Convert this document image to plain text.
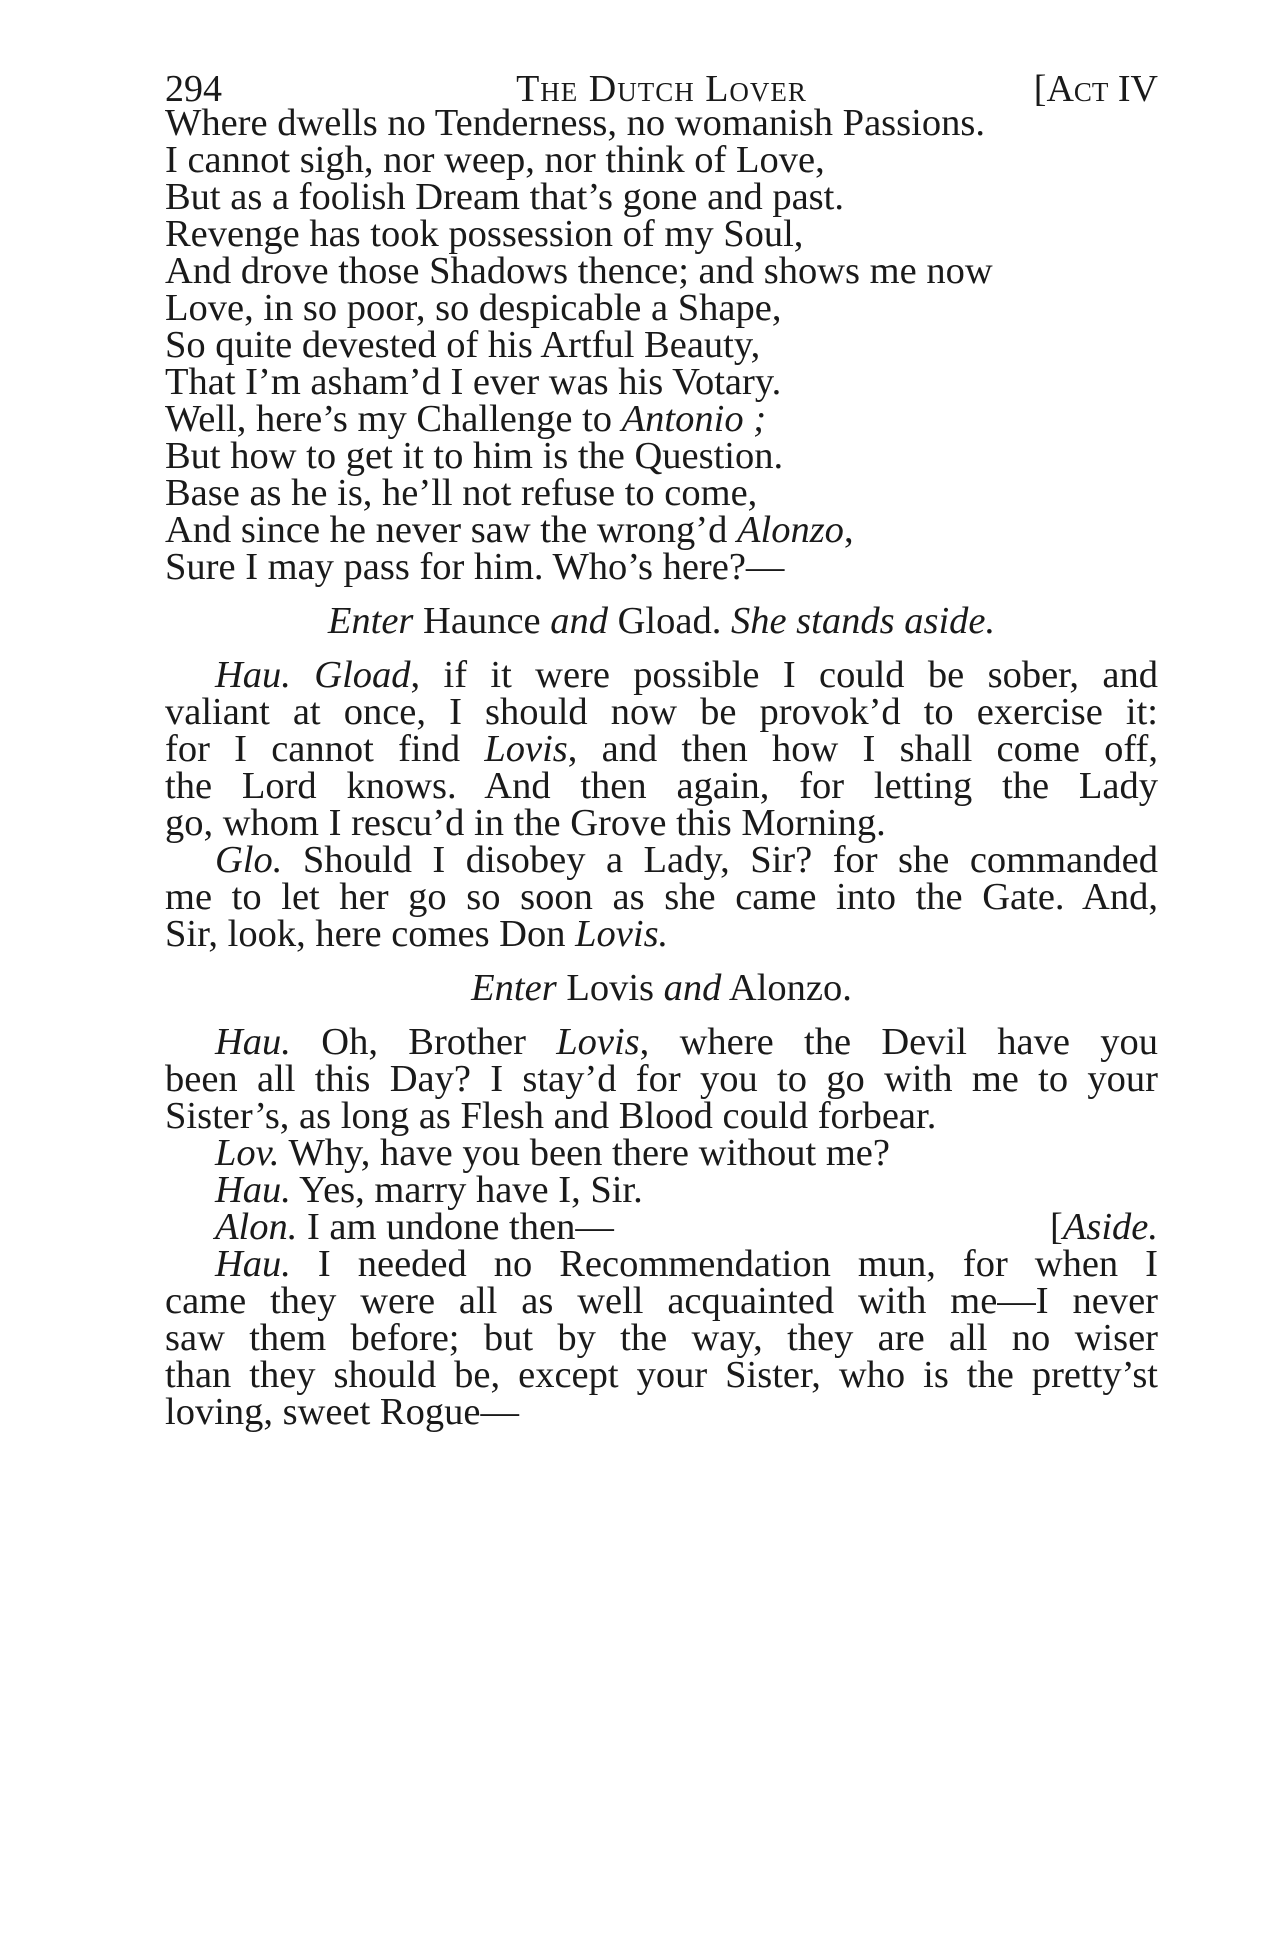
294	The Dutch Lover	[Act IV
Where dwells no Tenderness, no womanish Passions.
I cannot sigh, nor weep, nor think of Love,
But as a foolish Dream that’s gone and past.
Revenge has took possession of my Soul,
And drove those Shadows thence; and shows me now
Love, in so poor, so despicable a Shape,
So quite devested of his Artful Beauty,
That I’m asham’d I ever was his Votary.
Well, here’s my Challenge to Antonio ;
But how to get it to him is the Question.
Base as he is, he’ll not refuse to come,
And since he never saw the wrong’d Alonzo,
Sure I may pass for him. Who’s here?—
Enter Haunce and Gload. She stands aside.
Hau. Gload, if it were possible I could be sober, and
valiant at once, I should now be provok’d to exercise it:
for I cannot find Lovis, and then how I shall come off,
the Lord knows. And then again, for letting the Lady
go, whom I rescu’d in the Grove this Morning.
Glo. Should I disobey a Lady, Sir? for she commanded
me to let her go so soon as she came into the Gate. And,
Sir, look, here comes Don Lovis.
Enter Lovis and Alonzo.
Hau. Oh, Brother Lovis, where the Devil have you
been all this Day? I stay’d for you to go with me to your
Sister’s, as long as Flesh and Blood could forbear.
Lov. Why, have you been there without me?
Hau. Yes, marry have I, Sir.
Alon. I am undone then—	[Aside.
Hau. I needed no Recommendation mun, for when I
came they were all as well acquainted with me—I never
saw them before; but by the way, they are all no wiser
than they should be, except your Sister, who is the pretty’st
loving, sweet Rogue—
